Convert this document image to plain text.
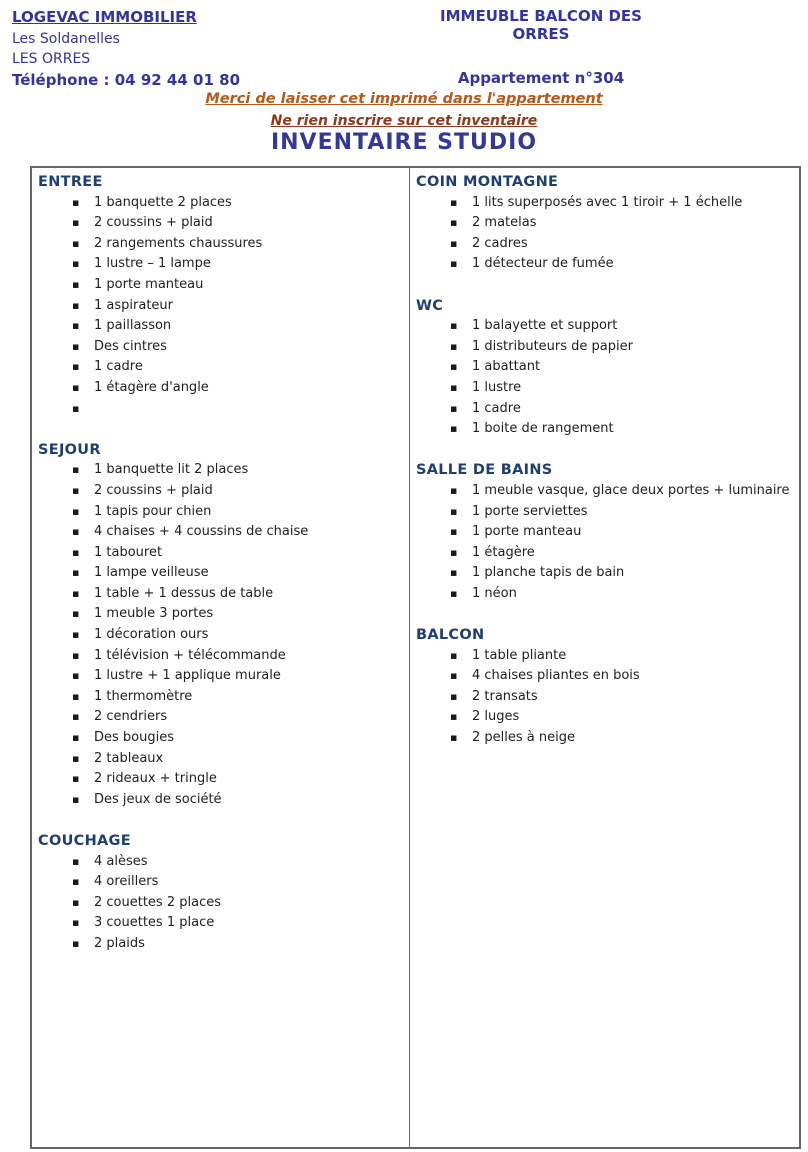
LOGEVAC IMMOBILIER
Les Soldanelles
LES ORRES
Téléphone : 04 92 44 01 80
IMMEUBLE BALCON DES ORRES
Appartement n°304
Merci de laisser cet imprimé dans l'appartement
Ne rien inscrire sur cet inventaire
INVENTAIRE STUDIO
ENTREE
▪	1 banquette 2 places
▪	2 coussins + plaid
▪	2 rangements chaussures
▪	1 lustre – 1 lampe
▪	1 porte manteau
▪	1 aspirateur
▪	1 paillasson
▪	Des cintres
▪	1 cadre
▪	1 étagère d'angle
▪
SEJOUR
▪	1 banquette lit 2 places
▪	2 coussins + plaid
▪	1 tapis pour chien
▪	4 chaises + 4 coussins de chaise
▪	1 tabouret
▪	1 lampe veilleuse
▪	1 table + 1 dessus de table
▪	1 meuble 3 portes
▪	1 décoration ours
▪	1 télévision + télécommande
▪	1 lustre + 1 applique murale
▪	1 thermomètre
▪	2 cendriers
▪	Des bougies
▪	2 tableaux
▪	2 rideaux + tringle
▪	Des jeux de société
COUCHAGE
▪	4 alèses
▪	4 oreillers
▪	2 couettes 2 places
▪	3 couettes 1 place
▪	2 plaids
COIN MONTAGNE
▪	1 lits superposés avec 1 tiroir + 1 échelle
▪	2 matelas
▪	2 cadres
▪	1 détecteur de fumée
WC
▪	1 balayette et support
▪	1 distributeurs de papier
▪	1 abattant
▪	1 lustre
▪	1 cadre
▪	1 boite de rangement
SALLE DE BAINS
▪	1 meuble vasque, glace deux portes + luminaire
▪	1 porte serviettes
▪	1 porte manteau
▪	1 étagère
▪	1 planche tapis de bain
▪	1 néon
BALCON
▪	1 table pliante
▪	4 chaises pliantes en bois
▪	2 transats
▪	2 luges
▪	2 pelles à neige
